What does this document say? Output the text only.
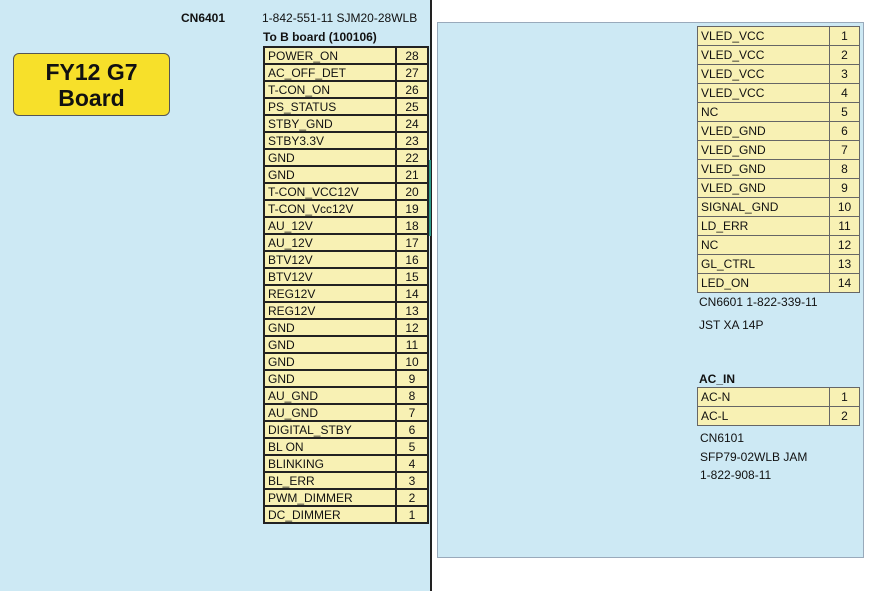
FY12 G7
Board
CN6401	1-842-551-11 SJM20-28WLB
To B board (100106)
POWER_ON	28
AC_OFF_DET	27
T-CON_ON	26
PS_STATUS	25
STBY_GND	24
STBY3.3V	23
GND	22
GND	21
T-CON_VCC12V	20
T-CON_Vcc12V	19
AU_12V	18
AU_12V	17
BTV12V	16
BTV12V	15
REG12V	14
REG12V	13
GND	12
GND	11
GND	10
GND	9
AU_GND	8
AU_GND	7
DIGITAL_STBY	6
BL ON	5
BLINKING	4
BL_ERR	3
PWM_DIMMER	2
DC_DIMMER	1
VLED_VCC	1
VLED_VCC	2
VLED_VCC	3
VLED_VCC	4
NC	5
VLED_GND	6
VLED_GND	7
VLED_GND	8
VLED_GND	9
SIGNAL_GND	10
LD_ERR	11
NC	12
GL_CTRL	13
LED_ON	14
CN6601 1-822-339-11
JST XA 14P
AC_IN
AC-N	1
AC-L	2
CN6101
SFP79-02WLB JAM
1-822-908-11
